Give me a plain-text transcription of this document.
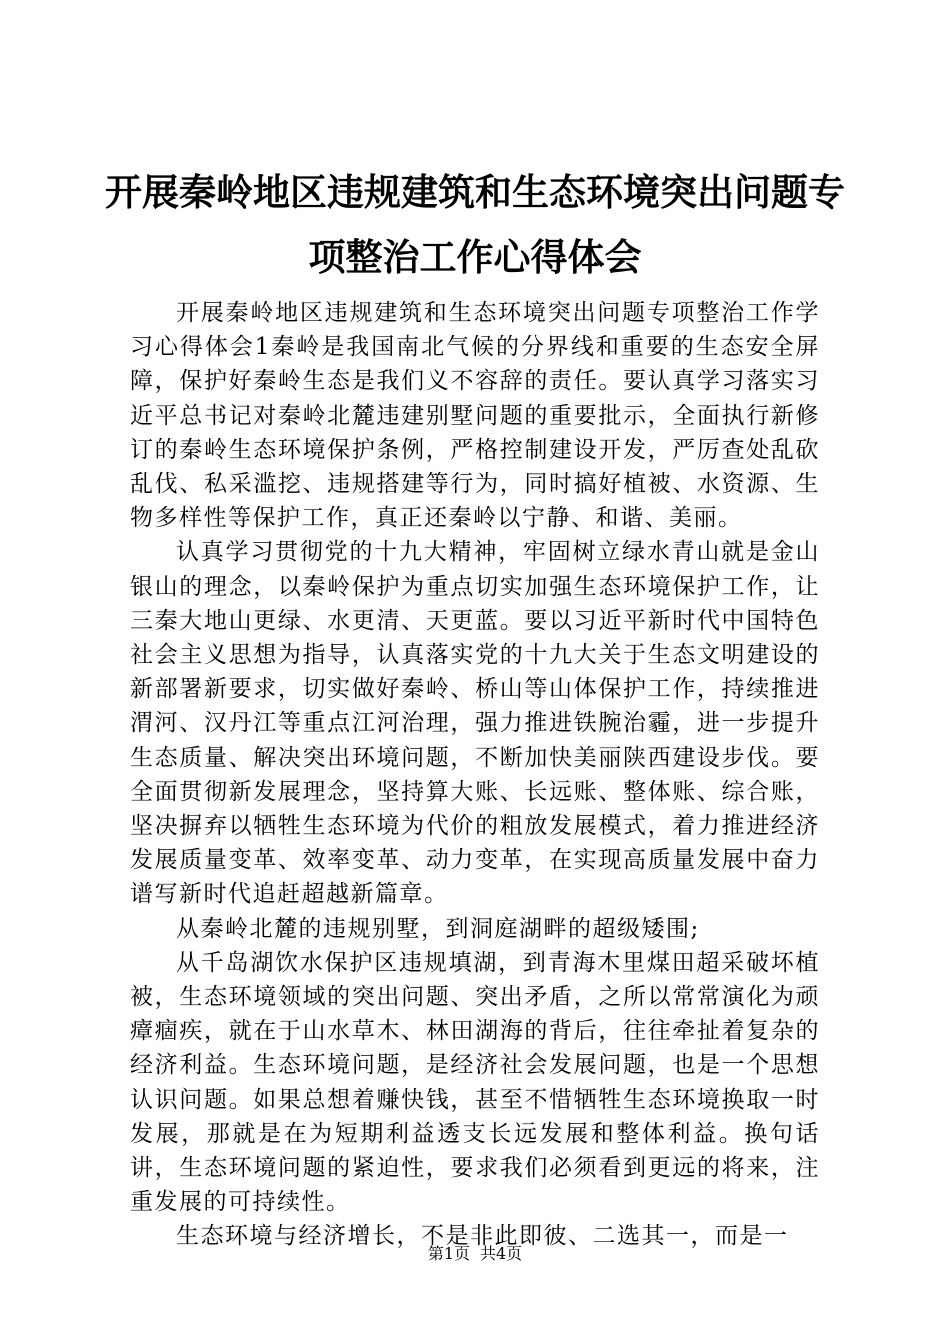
开展秦岭地区违规建筑和生态环境突出问题专
项整治工作心得体会

开展秦岭地区违规建筑和生态环境突出问题专项整治工作学习心得体会1秦岭是我国南北气候的分界线和重要的生态安全屏障，保护好秦岭生态是我们义不容辞的责任。要认真学习落实习近平总书记对秦岭北麓违建别墅问题的重要批示，全面执行新修订的秦岭生态环境保护条例，严格控制建设开发，严厉查处乱砍乱伐、私采滥挖、违规搭建等行为，同时搞好植被、水资源、生物多样性等保护工作，真正还秦岭以宁静、和谐、美丽。

认真学习贯彻党的十九大精神，牢固树立绿水青山就是金山银山的理念，以秦岭保护为重点切实加强生态环境保护工作，让三秦大地山更绿、水更清、天更蓝。要以习近平新时代中国特色社会主义思想为指导，认真落实党的十九大关于生态文明建设的新部署新要求，切实做好秦岭、桥山等山体保护工作，持续推进渭河、汉丹江等重点江河治理，强力推进铁腕治霾，进一步提升生态质量、解决突出环境问题，不断加快美丽陕西建设步伐。要全面贯彻新发展理念，坚持算大账、长远账、整体账、综合账，坚决摒弃以牺牲生态环境为代价的粗放发展模式，着力推进经济发展质量变革、效率变革、动力变革，在实现高质量发展中奋力谱写新时代追赶超越新篇章。

从秦岭北麓的违规别墅，到洞庭湖畔的超级矮围;

从千岛湖饮水保护区违规填湖，到青海木里煤田超采破坏植被，生态环境领域的突出问题、突出矛盾，之所以常常演化为顽瘴痼疾，就在于山水草木、林田湖海的背后，往往牵扯着复杂的经济利益。生态环境问题，是经济社会发展问题，也是一个思想认识问题。如果总想着赚快钱，甚至不惜牺牲生态环境换取一时发展，那就是在为短期利益透支长远发展和整体利益。换句话讲，生态环境问题的紧迫性，要求我们必须看到更远的将来，注重发展的可持续性。

生态环境与经济增长，不是非此即彼、二选其一，而是一

第1页 共4页
